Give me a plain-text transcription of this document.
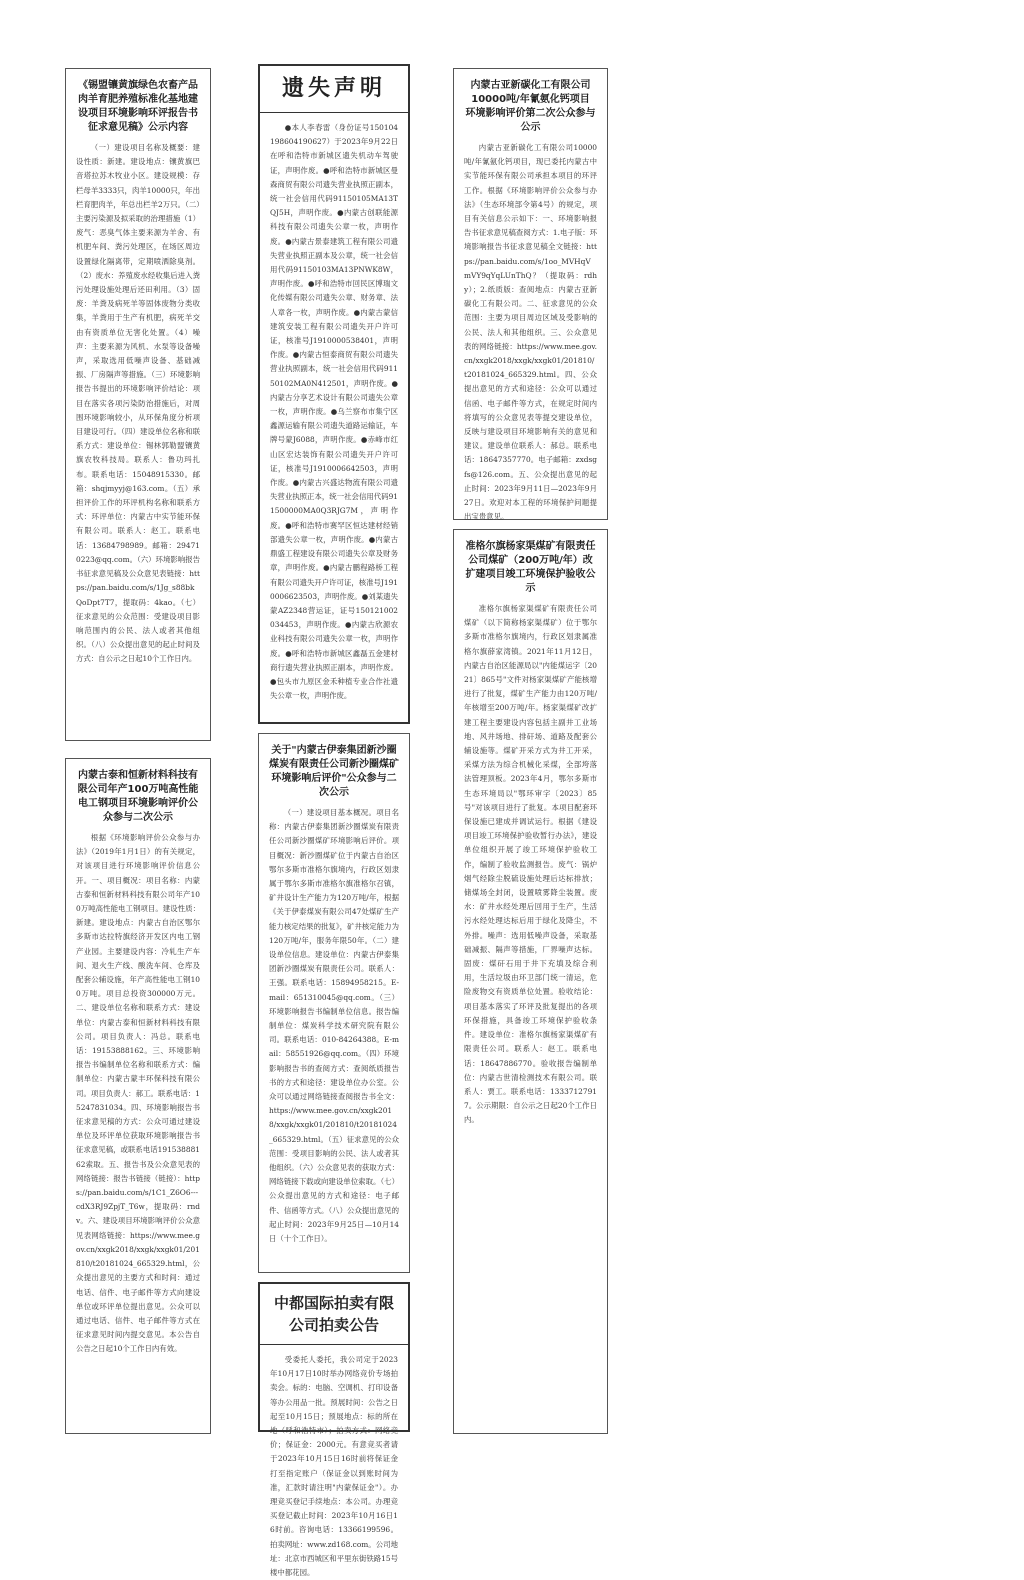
《锡盟镶黄旗绿色农畜产品肉羊育肥养殖标准化基地建设项目环境影响环评报告书征求意见稿》公示内容
（一）建设项目名称及概要：建设性质：新建。建设地点：镶黄旗巴音塔拉苏木牧业小区。建设规模：存栏母羊3333只，肉羊10000只，年出栏育肥肉羊，年总出栏羊2万只。（二）主要污染源及拟采取的治理措施（1）废气：恶臭气体主要来源为羊舍、有机肥车间、粪污处理区，在场区周边设置绿化隔离带，定期喷洒除臭剂。（2）废水：养殖废水经收集后进入粪污处理设施处理后还田利用。（3）固废：羊粪及病死羊等固体废物分类收集，羊粪用于生产有机肥，病死羊交由有资质单位无害化处置。（4）噪声：主要来源为风机、水泵等设备噪声，采取选用低噪声设备、基础减振、厂房隔声等措施。（三）环境影响报告书提出的环境影响评价结论：项目在落实各项污染防治措施后，对周围环境影响较小，从环保角度分析项目建设可行。（四）建设单位名称和联系方式：建设单位：锡林郭勒盟镶黄旗农牧科技局。联系人：鲁功玛扎布。联系电话：15048915330。邮箱：shqjmyyj@163.com。（五）承担评价工作的环评机构名称和联系方式：环评单位：内蒙古中实节能环保有限公司。联系人：赵工。联系电话：13684798989。邮箱：294710223@qq.com。（六）环境影响报告书征求意见稿及公众意见表链接：https://pan.baidu.com/s/1Jg_s88bkQoDpt7T7，提取码：4kao。（七）征求意见的公众范围：受建设项目影响范围内的公民、法人或者其他组织。（八）公众提出意见的起止时间及方式：自公示之日起10个工作日内。
内蒙古泰和恒新材料科技有限公司年产100万吨高性能电工钢项目环境影响评价公众参与二次公示
根据《环境影响评价公众参与办法》（2019年1月1日）的有关规定，对该项目进行环境影响评价信息公开。一、项目概况：项目名称：内蒙古泰和恒新材料科技有限公司年产100万吨高性能电工钢项目。建设性质：新建。建设地点：内蒙古自治区鄂尔多斯市达拉特旗经济开发区内电工钢产业园。主要建设内容：冷轧生产车间、退火生产线、酸洗车间、仓库及配套公辅设施，年产高性能电工钢100万吨。项目总投资300000万元。二、建设单位名称和联系方式：建设单位：内蒙古泰和恒新材料科技有限公司。项目负责人：冯总。联系电话：19153888162。三、环境影响报告书编制单位名称和联系方式：编制单位：内蒙古蒙丰环保科技有限公司。项目负责人：郝工。联系电话：15247831034。四、环境影响报告书征求意见稿的方式：公众可通过建设单位及环评单位获取环境影响报告书征求意见稿，或联系电话19153888162索取。五、报告书及公众意见表的网络链接：报告书链接（链接）：https://pan.baidu.com/s/1C1_Z6O6--- cdX3RJ9ZpjT_T6w，提取码：rndv。六、建设项目环境影响评价公众意见表网络链接：https://www.mee.gov.cn/xxgk2018/xxgk/xxgk01/201810/t20181024_665329.html，公众提出意见的主要方式和时间：通过电话、信件、电子邮件等方式向建设单位或环评单位提出意见。公众可以通过电话、信件、电子邮件等方式在征求意见时间内提交意见。本公告自公告之日起10个工作日内有效。
遗失声明
●本人李春雷（身份证号150104198604190627）于2023年9月22日在呼和浩特市新城区遗失机动车驾驶证，声明作废。●呼和浩特市新城区曼森商贸有限公司遗失营业执照正副本，统一社会信用代码91150105MA13TQJ5H，声明作废。●内蒙古创联能源科技有限公司遗失公章一枚，声明作废。●内蒙古景泰建筑工程有限公司遗失营业执照正副本及公章，统一社会信用代码91150103MA13PNWK8W，声明作废。●呼和浩特市回民区博瑞文化传媒有限公司遗失公章、财务章、法人章各一枚，声明作废。●内蒙古蒙信建筑安装工程有限公司遗失开户许可证，核准号J1910000538401，声明作废。●内蒙古恒泰商贸有限公司遗失营业执照副本，统一社会信用代码91150102MA0N412501，声明作废。●内蒙古分享艺术设计有限公司遗失公章一枚，声明作废。●乌兰察布市集宁区鑫源运输有限公司遗失道路运输证，车牌号蒙J6088，声明作废。●赤峰市红山区宏达装饰有限公司遗失开户许可证，核准号J1910006642503，声明作废。●内蒙古兴盛达物流有限公司遗失营业执照正本，统一社会信用代码911500000MA0Q3RJG7M，声明作废。●呼和浩特市赛罕区恒达建材经销部遗失公章一枚，声明作废。●内蒙古鼎盛工程建设有限公司遗失公章及财务章，声明作废。●内蒙古鹏程路桥工程有限公司遗失开户许可证，核准号J1910006623503，声明作废。●刘某遗失蒙AZ2348营运证，证号150121002034453，声明作废。●内蒙古欣源农业科技有限公司遗失公章一枚，声明作废。●呼和浩特市新城区鑫磊五金建材商行遗失营业执照正副本，声明作废。●包头市九原区金禾种植专业合作社遗失公章一枚，声明作废。
关于"内蒙古伊泰集团新沙圈煤炭有限责任公司新沙圈煤矿环境影响后评价"公众参与二次公示
（一）建设项目基本概况。项目名称：内蒙古伊泰集团新沙圈煤炭有限责任公司新沙圈煤矿环境影响后评价。项目概况：新沙圈煤矿位于内蒙古自治区鄂尔多斯市准格尔旗境内，行政区划隶属于鄂尔多斯市准格尔旗准格尔召镇，矿井设计生产能力为120万吨/年，根据《关于伊泰煤炭有限公司47处煤矿生产能力核定结果的批复》，矿井核定能力为120万吨/年，服务年限50年。（二）建设单位信息。建设单位：内蒙古伊泰集团新沙圈煤炭有限责任公司。联系人：王强。联系电话：15894958215。E-mail：651310045@qq.com。（三）环境影响报告书编制单位信息。报告编制单位：煤炭科学技术研究院有限公司。联系电话：010-84264388。E-mail：58551926@qq.com。（四）环境影响报告书的查阅方式：查阅纸质报告书的方式和途径：建设单位办公室。公众可以通过网络链接查阅报告书全文：https://www.mee.gov.cn/xxgk2018/xxgk/xxgk01/201810/t20181024_665329.html。（五）征求意见的公众范围：受项目影响的公民、法人或者其他组织。（六）公众意见表的获取方式：网络链接下载或向建设单位索取。（七）公众提出意见的方式和途径：电子邮件、信函等方式。（八）公众提出意见的起止时间：2023年9月25日—10月14日（十个工作日）。
中都国际拍卖有限公司拍卖公告
受委托人委托，我公司定于2023年10月17日10时举办网络竞价专场拍卖会。标的：电脑、空调机、打印设备等办公用品一批。预展时间：公告之日起至10月15日；预展地点：标的所在地（呼和浩特市）；拍卖方式：网络竞价；保证金：2000元。有意竞买者请于2023年10月15日16时前将保证金打至指定账户（保证金以到账时间为准，汇款时请注明"内蒙保证金"）。办理竞买登记手续地点：本公司。办理竞买登记截止时间：2023年10月16日16时前。咨询电话：13366199596。拍卖网址：www.zd168.com。公司地址：北京市西城区和平里东街铁路15号楼中都花园。
内蒙古亚新碳化工有限公司
10000吨/年氰氨化钙项目
环境影响评价第二次公众参与公示
内蒙古亚新碳化工有限公司10000吨/年氰氨化钙项目，现已委托内蒙古中实节能环保有限公司承担本项目的环评工作。根据《环境影响评价公众参与办法》（生态环境部令第4号）的规定，项目有关信息公示如下：一、环境影响报告书征求意见稿查阅方式：1.电子版：环境影响报告书征求意见稿全文链接：https://pan.baidu.com/s/1oo_MVHqVmVY9qYqLUnThQ？（提取码：rdhy）；2.纸质版：查阅地点：内蒙古亚新碳化工有限公司。二、征求意见的公众范围：主要为项目周边区域及受影响的公民、法人和其他组织。三、公众意见表的网络链接：https://www.mee.gov.cn/xxgk2018/xxgk/xxgk01/201810/t20181024_665329.html。四、公众提出意见的方式和途径：公众可以通过信函、电子邮件等方式，在规定时间内将填写的公众意见表等提交建设单位，反映与建设项目环境影响有关的意见和建议。建设单位联系人：郝总。联系电话：18647357770。电子邮箱：zxdsgfs@126.com。五、公众提出意见的起止时间：2023年9月11日—2023年9月27日。欢迎对本工程的环境保护问题提出宝贵意见。
准格尔旗杨家渠煤矿有限责任公司煤矿（200万吨/年）改扩建项目竣工环境保护验收公示
准格尔旗杨家渠煤矿有限责任公司煤矿（以下简称杨家渠煤矿）位于鄂尔多斯市准格尔旗境内，行政区划隶属准格尔旗薛家湾镇。2021年11月12日，内蒙古自治区能源局以"内能煤运字〔2021〕865号"文件对杨家渠煤矿产能核增进行了批复，煤矿生产能力由120万吨/年核增至200万吨/年。杨家渠煤矿改扩建工程主要建设内容包括主副井工业场地、风井场地、排矸场、道路及配套公辅设施等。煤矿开采方式为井工开采，采煤方法为综合机械化采煤，全部垮落法管理顶板。2023年4月，鄂尔多斯市生态环境局以"鄂环审字〔2023〕85号"对该项目进行了批复。本项目配套环保设施已建成并调试运行。根据《建设项目竣工环境保护验收暂行办法》，建设单位组织开展了竣工环境保护验收工作，编制了验收监测报告。废气：锅炉烟气经除尘脱硫设施处理后达标排放；储煤场全封闭，设置喷雾降尘装置。废水：矿井水经处理后回用于生产，生活污水经处理达标后用于绿化及降尘，不外排。噪声：选用低噪声设备，采取基础减振、隔声等措施，厂界噪声达标。固废：煤矸石用于井下充填及综合利用，生活垃圾由环卫部门统一清运，危险废物交有资质单位处置。验收结论：项目基本落实了环评及批复提出的各项环保措施，具备竣工环境保护验收条件。建设单位：准格尔旗杨家渠煤矿有限责任公司。联系人：赵工。联系电话：18647886770。验收报告编制单位：内蒙古世清检测技术有限公司。联系人：贾工。联系电话：13337127917。公示期限：自公示之日起20个工作日内。
